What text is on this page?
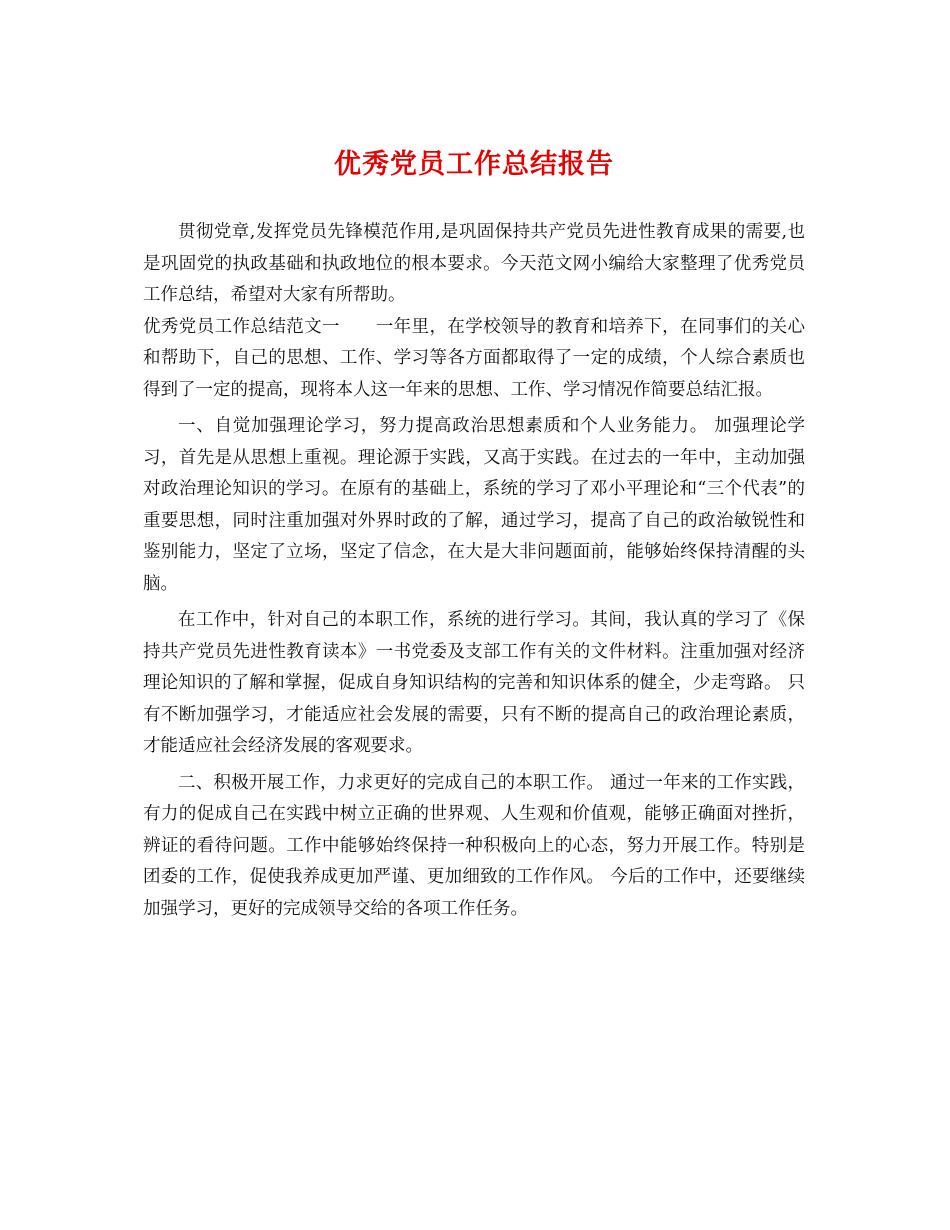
优秀党员工作总结报告

贯彻党章,发挥党员先锋模范作用,是巩固保持共产党员先进性教育成果的需要,也是巩固党的执政基础和执政地位的根本要求。今天范文网小编给大家整理了优秀党员工作总结，希望对大家有所帮助。

优秀党员工作总结范文一　　一年里，在学校领导的教育和培养下，在同事们的关心和帮助下，自己的思想、工作、学习等各方面都取得了一定的成绩，个人综合素质也得到了一定的提高，现将本人这一年来的思想、工作、学习情况作简要总结汇报。

一、自觉加强理论学习，努力提高政治思想素质和个人业务能力。 加强理论学习，首先是从思想上重视。理论源于实践，又高于实践。在过去的一年中，主动加强对政治理论知识的学习。在原有的基础上，系统的学习了邓小平理论和“三个代表”的重要思想，同时注重加强对外界时政的了解，通过学习，提高了自己的政治敏锐性和鉴别能力，坚定了立场，坚定了信念，在大是大非问题面前，能够始终保持清醒的头脑。

在工作中，针对自己的本职工作，系统的进行学习。其间，我认真的学习了《保持共产党员先进性教育读本》一书党委及支部工作有关的文件材料。注重加强对经济理论知识的了解和掌握，促成自身知识结构的完善和知识体系的健全，少走弯路。 只有不断加强学习，才能适应社会发展的需要，只有不断的提高自己的政治理论素质，才能适应社会经济发展的客观要求。

二、积极开展工作，力求更好的完成自己的本职工作。 通过一年来的工作实践，有力的促成自己在实践中树立正确的世界观、人生观和价值观，能够正确面对挫折，辨证的看待问题。工作中能够始终保持一种积极向上的心态，努力开展工作。特别是团委的工作，促使我养成更加严谨、更加细致的工作作风。 今后的工作中，还要继续加强学习，更好的完成领导交给的各项工作任务。
